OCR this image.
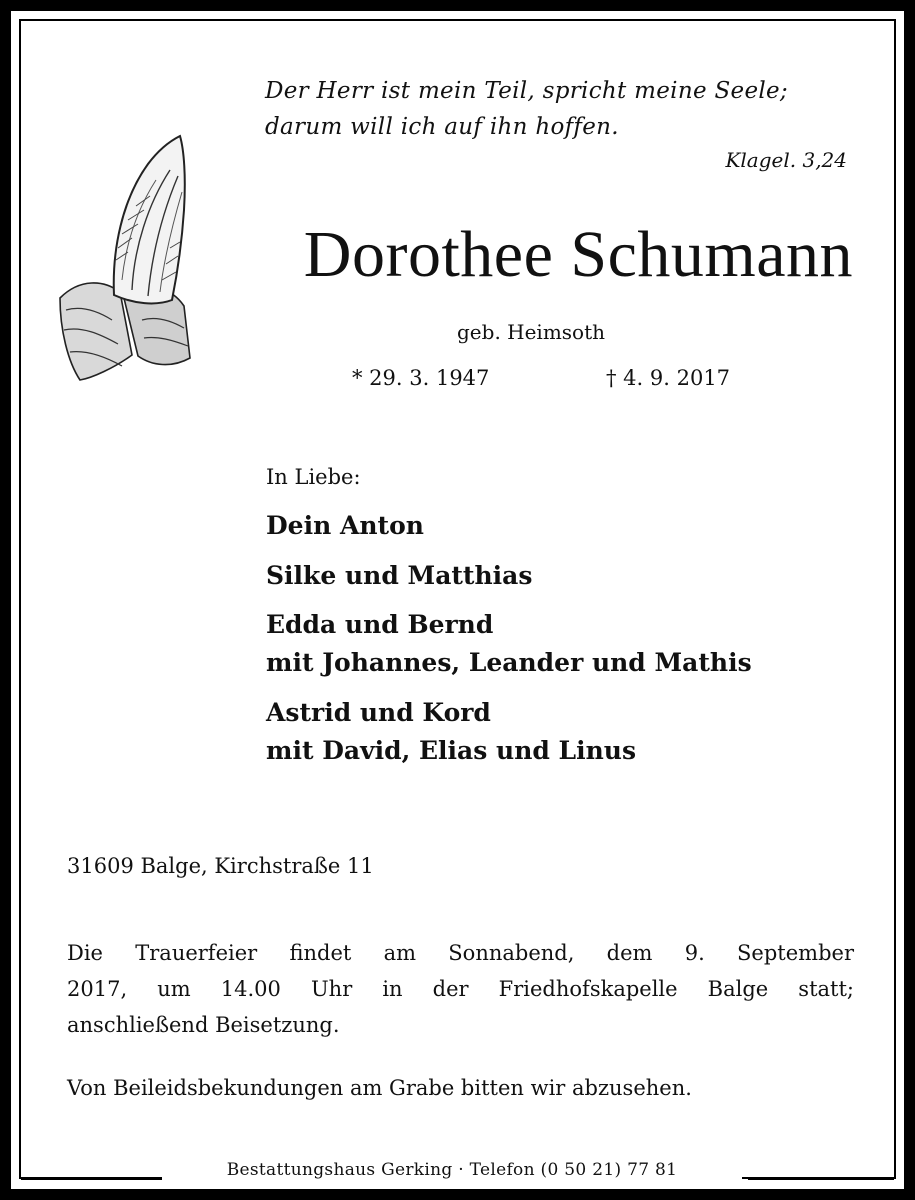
Der Herr ist mein Teil, spricht meine Seele;
darum will ich auf ihn hoffen.
Klagel. 3,24
Dorothee Schumann
geb. Heimsoth
* 29. 3. 1947	† 4. 9. 2017
In Liebe:
Dein Anton
Silke und Matthias
Edda und Bernd
mit Johannes, Leander und Mathis
Astrid und Kord
mit David, Elias und Linus
31609 Balge, Kirchstraße 11
Die Trauerfeier findet am Sonnabend, dem 9. September
2017, um 14.00 Uhr in der Friedhofskapelle Balge statt;
anschließend Beisetzung.
Von Beileidsbekundungen am Grabe bitten wir abzusehen.
Bestattungshaus Gerking · Telefon (0 50 21) 77 81
